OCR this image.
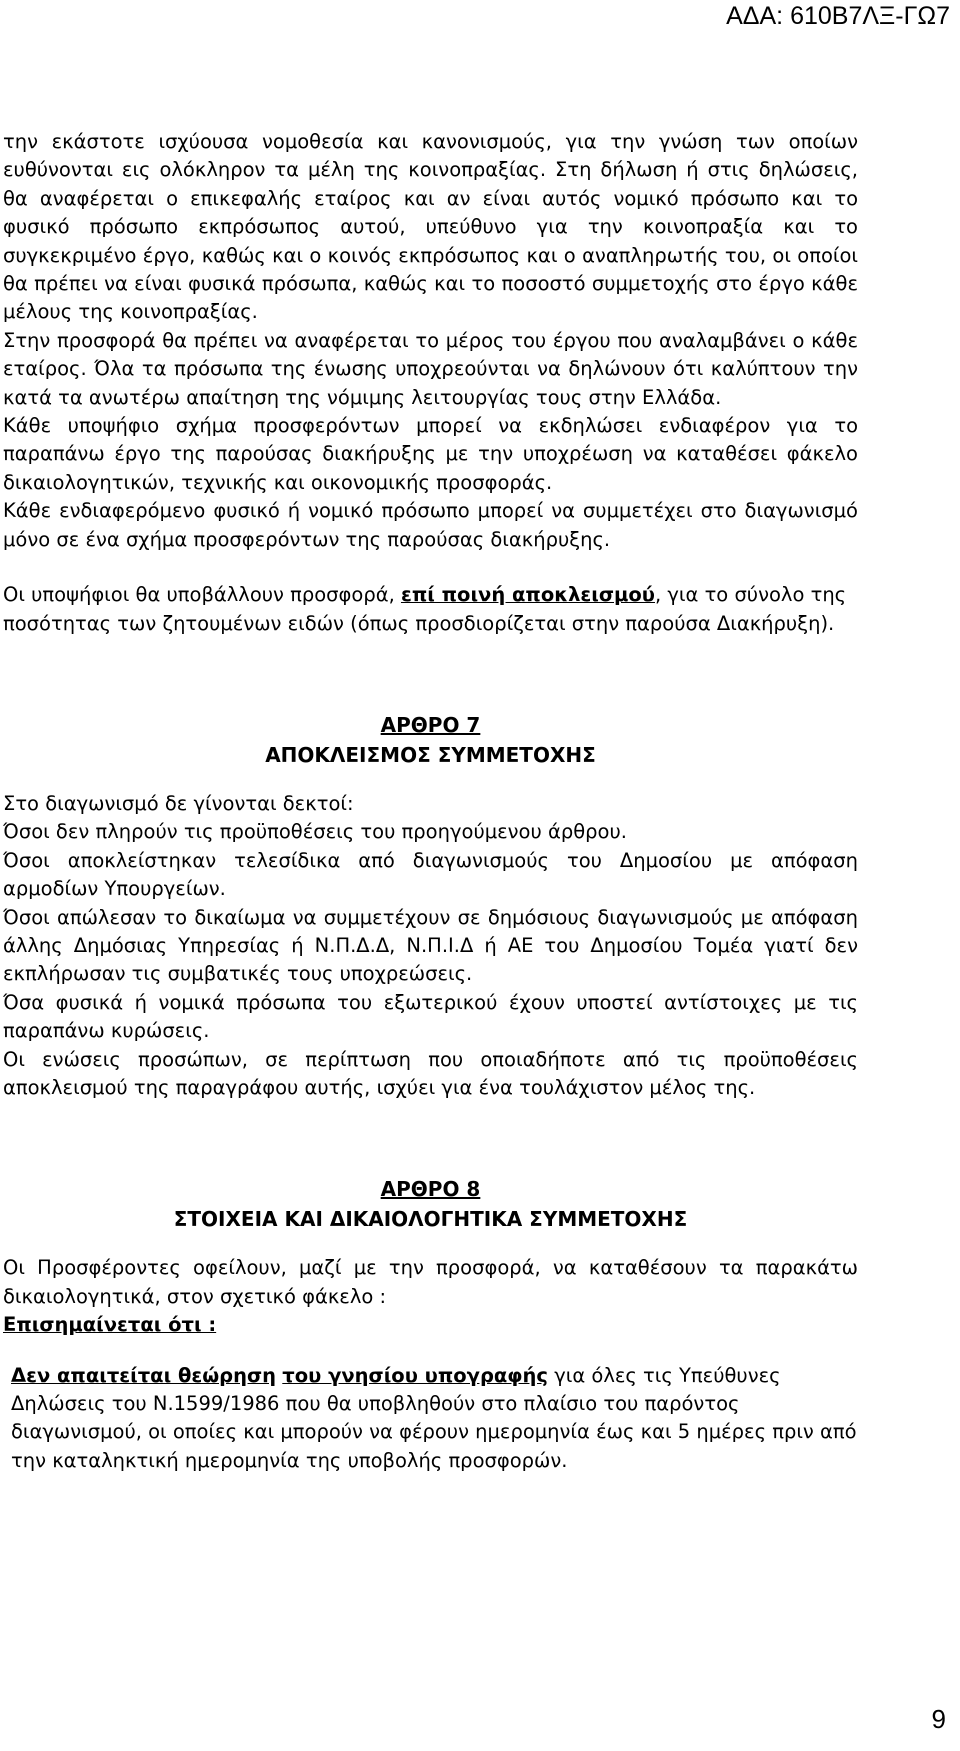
ΑΔΑ: 610Β7ΛΞ-ΓΩ7

την εκάστοτε ισχύουσα νομοθεσία και κανονισμούς, για την γνώση των οποίων ευθύνονται εις ολόκληρον τα μέλη της κοινοπραξίας. Στη δήλωση ή στις δηλώσεις, θα αναφέρεται ο επικεφαλής εταίρος και αν είναι αυτός νομικό πρόσωπο και το φυσικό πρόσωπο εκπρόσωπος αυτού, υπεύθυνο για την κοινοπραξία και το συγκεκριμένο έργο, καθώς και ο κοινός εκπρόσωπος και ο αναπληρωτής του, οι οποίοι θα πρέπει να είναι φυσικά πρόσωπα, καθώς και το ποσοστό συμμετοχής στο έργο κάθε μέλους της κοινοπραξίας.

Στην προσφορά θα πρέπει να αναφέρεται το μέρος του έργου που αναλαμβάνει ο κάθε εταίρος. Όλα τα πρόσωπα της ένωσης υποχρεούνται να δηλώνουν ότι καλύπτουν την κατά τα ανωτέρω απαίτηση της νόμιμης λειτουργίας τους στην Ελλάδα.

Κάθε υποψήφιο σχήμα προσφερόντων μπορεί να εκδηλώσει ενδιαφέρον για το παραπάνω έργο της παρούσας διακήρυξης με την υποχρέωση να καταθέσει φάκελο δικαιολογητικών, τεχνικής και οικονομικής προσφοράς.

Κάθε ενδιαφερόμενο φυσικό ή νομικό πρόσωπο μπορεί να συμμετέχει στο διαγωνισμό μόνο σε ένα σχήμα προσφερόντων της παρούσας διακήρυξης.

Οι υποψήφιοι θα υποβάλλουν προσφορά, επί ποινή αποκλεισμού, για το σύνολο της ποσότητας των ζητουμένων ειδών (όπως προσδιορίζεται στην παρούσα Διακήρυξη).

ΑΡΘΡΟ 7
ΑΠΟΚΛΕΙΣΜΟΣ ΣΥΜΜΕΤΟΧΗΣ

Στο διαγωνισμό δε γίνονται δεκτοί:

Όσοι δεν πληρούν τις προϋποθέσεις του προηγούμενου άρθρου.

Όσοι αποκλείστηκαν τελεσίδικα από διαγωνισμούς του Δημοσίου με απόφαση αρμοδίων Υπουργείων.

Όσοι απώλεσαν το δικαίωμα να συμμετέχουν σε δημόσιους διαγωνισμούς με απόφαση άλλης Δημόσιας Υπηρεσίας ή Ν.Π.Δ.Δ, Ν.Π.Ι.Δ ή ΑΕ του Δημοσίου Τομέα γιατί δεν εκπλήρωσαν τις συμβατικές τους υποχρεώσεις.

Όσα φυσικά ή νομικά πρόσωπα του εξωτερικού έχουν υποστεί αντίστοιχες με τις παραπάνω κυρώσεις.

Οι ενώσεις προσώπων, σε περίπτωση που οποιαδήποτε από τις προϋποθέσεις αποκλεισμού της παραγράφου αυτής, ισχύει για ένα τουλάχιστον μέλος της.

ΑΡΘΡΟ 8
ΣΤΟΙΧΕΙΑ ΚΑΙ ΔΙΚΑΙΟΛΟΓΗΤΙΚΑ ΣΥΜΜΕΤΟΧΗΣ

Οι Προσφέροντες οφείλουν, μαζί με την προσφορά, να καταθέσουν τα παρακάτω δικαιολογητικά, στον σχετικό φάκελο :

Επισημαίνεται ότι :

Δεν απαιτείται θεώρηση του γνησίου υπογραφής για όλες τις Υπεύθυνες Δηλώσεις του Ν.1599/1986 που θα υποβληθούν στο πλαίσιο του παρόντος διαγωνισμού, οι οποίες και μπορούν να φέρουν ημερομηνία έως και 5 ημέρες πριν από την καταληκτική ημερομηνία της υποβολής προσφορών.

9
